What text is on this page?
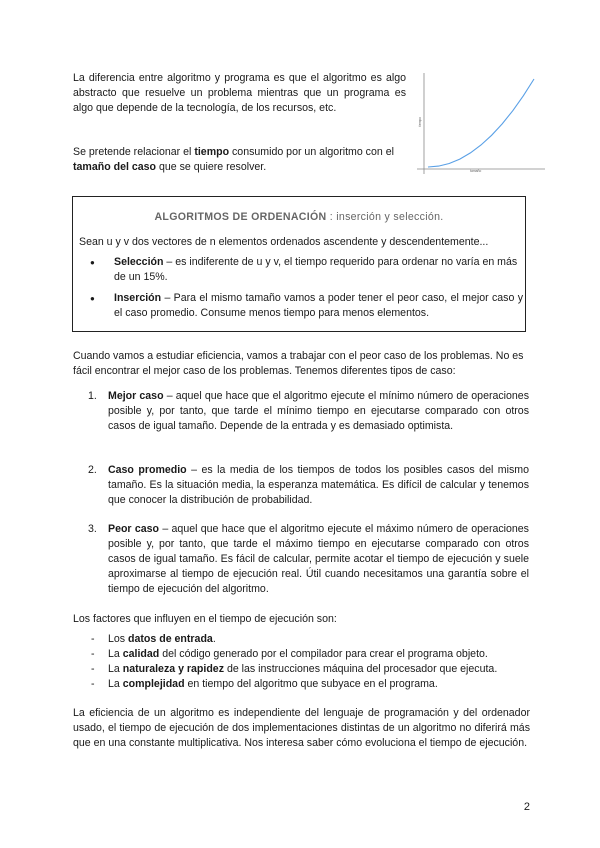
La diferencia entre algoritmo y programa es que el algoritmo es algo abstracto que resuelve un problema mientras que un programa es algo que depende de la tecnología, de los recursos, etc.

Se pretende relacionar el tiempo consumido por un algoritmo con el tamaño del caso que se quiere resolver.	tamaño
tiempo
ALGORITMOS DE ORDENACIÓN : inserción y selección.

Sean u y v dos vectores de n elementos ordenados ascendente y descendentemente...

● Selección – es indiferente de u y v, el tiempo requerido para ordenar no varía en más de un 15%.

● Inserción – Para el mismo tamaño vamos a poder tener el peor caso, el mejor caso y el caso promedio. Consume menos tiempo para menos elementos.

Cuando vamos a estudiar eficiencia, vamos a trabajar con el peor caso de los problemas. No es fácil encontrar el mejor caso de los problemas. Tenemos diferentes tipos de caso:

1. Mejor caso – aquel que hace que el algoritmo ejecute el mínimo número de operaciones posible y, por tanto, que tarde el mínimo tiempo en ejecutarse comparado con otros casos de igual tamaño. Depende de la entrada y es demasiado optimista.

2. Caso promedio – es la media de los tiempos de todos los posibles casos del mismo tamaño. Es la situación media, la esperanza matemática. Es difícil de calcular y tenemos que conocer la distribución de probabilidad.

3. Peor caso – aquel que hace que el algoritmo ejecute el máximo número de operaciones posible y, por tanto, que tarde el máximo tiempo en ejecutarse comparado con otros casos de igual tamaño. Es fácil de calcular, permite acotar el tiempo de ejecución y suele aproximarse al tiempo de ejecución real. Útil cuando necesitamos una garantía sobre el tiempo de ejecución del algoritmo.

Los factores que influyen en el tiempo de ejecución son:

- Los datos de entrada.

- La calidad del código generado por el compilador para crear el programa objeto.

- La naturaleza y rapidez de las instrucciones máquina del procesador que ejecuta.

- La complejidad en tiempo del algoritmo que subyace en el programa.

La eficiencia de un algoritmo es independiente del lenguaje de programación y del ordenador usado, el tiempo de ejecución de dos implementaciones distintas de un algoritmo no diferirá más que en una constante multiplicativa. Nos interesa saber cómo evoluciona el tiempo de ejecución.

2
